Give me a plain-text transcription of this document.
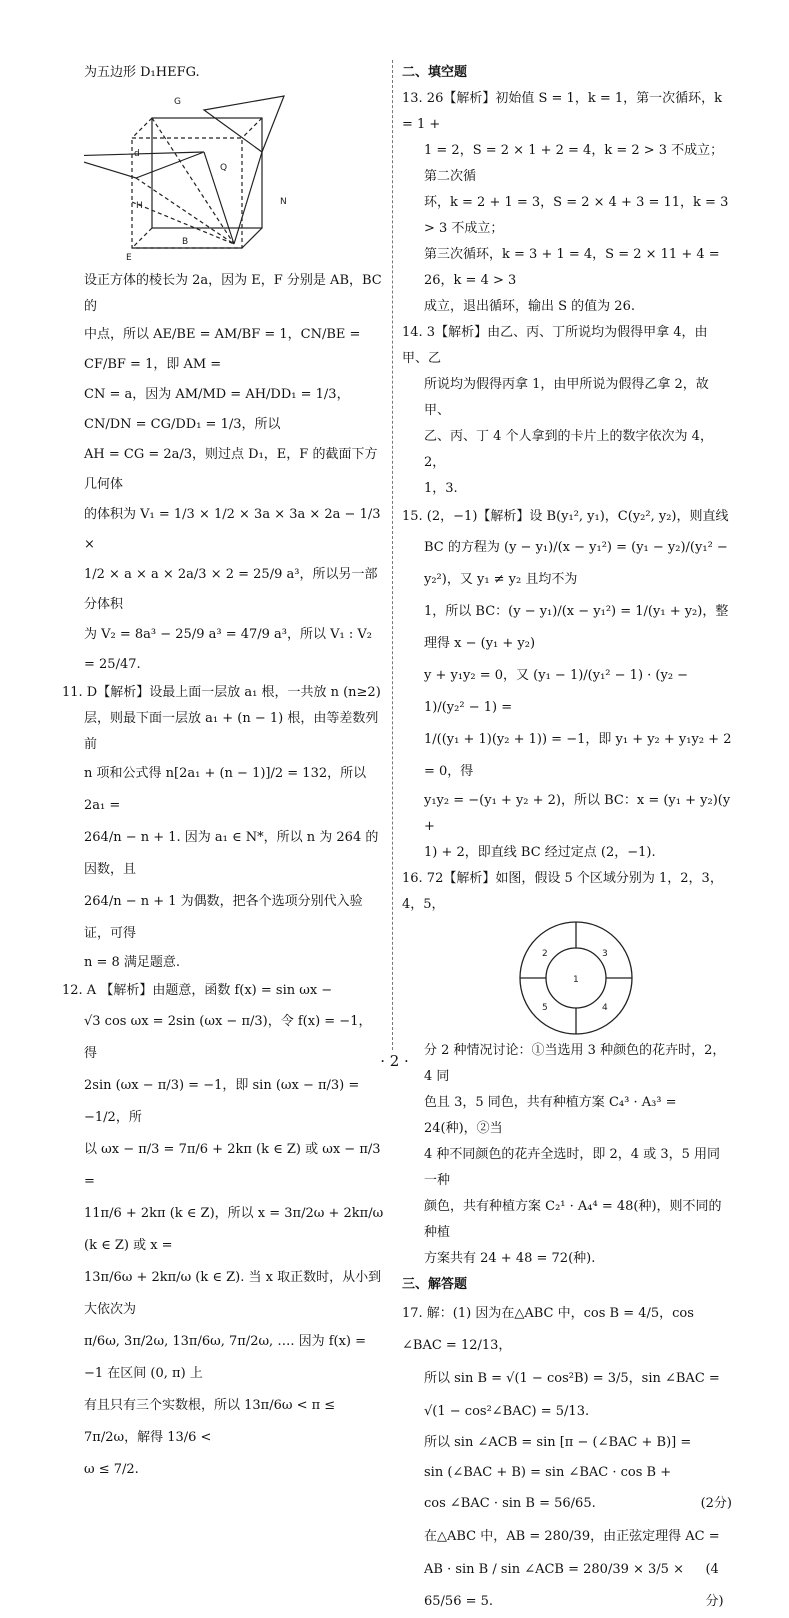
为五边形 D₁HEFG.

G
d
Q
H	N
B
E

设正方体的棱长为 2a，因为 E，F 分别是 AB，BC 的

中点，所以 AE/BE = AM/BF = 1，CN/BE = CF/BF = 1，即 AM =

CN = a，因为 AM/MD = AH/DD₁ = 1/3，CN/DN = CG/DD₁ = 1/3，所以

AH = CG = 2a/3，则过点 D₁，E，F 的截面下方几何体

的体积为 V₁ = 1/3 × 1/2 × 3a × 3a × 2a − 1/3 ×

1/2 × a × a × 2a/3 × 2 = 25/9 a³，所以另一部分体积

为 V₂ = 8a³ − 25/9 a³ = 47/9 a³，所以 V₁ : V₂ = 25/47.

11. D【解析】设最上面一层放 a₁ 根，一共放 n (n≥2)

层，则最下面一层放 a₁ + (n − 1) 根，由等差数列前

n 项和公式得 n[2a₁ + (n − 1)]/2 = 132，所以 2a₁ =

264/n − n + 1. 因为 a₁ ∈ N*，所以 n 为 264 的因数，且

264/n − n + 1 为偶数，把各个选项分别代入验证，可得

n = 8 满足题意.

12. A 【解析】由题意，函数 f(x) = sin ωx −

√3 cos ωx = 2sin (ωx − π/3)，令 f(x) = −1，得

2sin (ωx − π/3) = −1，即 sin (ωx − π/3) = −1/2，所

以 ωx − π/3 = 7π/6 + 2kπ (k ∈ Z) 或 ωx − π/3 =

11π/6 + 2kπ (k ∈ Z)，所以 x = 3π/2ω + 2kπ/ω (k ∈ Z) 或 x =

13π/6ω + 2kπ/ω (k ∈ Z). 当 x 取正数时，从小到大依次为

π/6ω, 3π/2ω, 13π/6ω, 7π/2ω, …. 因为 f(x) = −1 在区间 (0, π) 上

有且只有三个实数根，所以 13π/6ω < π ≤ 7π/2ω，解得 13/6 <

ω ≤ 7/2.

二、填空题

13. 26【解析】初始值 S = 1，k = 1，第一次循环，k = 1 +

1 = 2，S = 2 × 1 + 2 = 4，k = 2 > 3 不成立；第二次循

环，k = 2 + 1 = 3，S = 2 × 4 + 3 = 11，k = 3 > 3 不成立；

第三次循环，k = 3 + 1 = 4，S = 2 × 11 + 4 = 26，k = 4 > 3

成立，退出循环，输出 S 的值为 26.

14. 3【解析】由乙、丙、丁所说均为假得甲拿 4，由甲、乙

所说均为假得丙拿 1，由甲所说为假得乙拿 2，故甲、

乙、丙、丁 4 个人拿到的卡片上的数字依次为 4，2，

1，3.

15. (2，−1)【解析】设 B(y₁², y₁)，C(y₂², y₂)，则直线

BC 的方程为 (y − y₁)/(x − y₁²) = (y₁ − y₂)/(y₁² − y₂²)，又 y₁ ≠ y₂ 且均不为

1，所以 BC：(y − y₁)/(x − y₁²) = 1/(y₁ + y₂)，整理得 x − (y₁ + y₂)

y + y₁y₂ = 0，又 (y₁ − 1)/(y₁² − 1) · (y₂ − 1)/(y₂² − 1) =

1/((y₁ + 1)(y₂ + 1)) = −1，即 y₁ + y₂ + y₁y₂ + 2 = 0，得

y₁y₂ = −(y₁ + y₂ + 2)，所以 BC：x = (y₁ + y₂)(y +

1) + 2，即直线 BC 经过定点 (2，−1).

16. 72【解析】如图，假设 5 个区域分别为 1，2，3，4，5，

2	3
1
5	4

分 2 种情况讨论：①当选用 3 种颜色的花卉时，2，4 同

色且 3，5 同色，共有种植方案 C₄³ · A₃³ = 24(种)，②当

4 种不同颜色的花卉全选时，即 2，4 或 3，5 用同一种

颜色，共有种植方案 C₂¹ · A₄⁴ = 48(种)，则不同的种植

方案共有 24 + 48 = 72(种).

三、解答题

17. 解：(1) 因为在△ABC 中，cos B = 4/5，cos ∠BAC = 12/13，

所以 sin B = √(1 − cos²B) = 3/5，sin ∠BAC =

√(1 − cos²∠BAC) = 5/13.

所以 sin ∠ACB = sin [π − (∠BAC + B)] =

sin (∠BAC + B) = sin ∠BAC · cos B +

cos ∠BAC · sin B = 56/65.	(2分)

在△ABC 中，AB = 280/39，由正弦定理得 AC =

AB · sin B / sin ∠ACB = 280/39 × 3/5 × 65/56 = 5.
(4分)

· 2 ·
